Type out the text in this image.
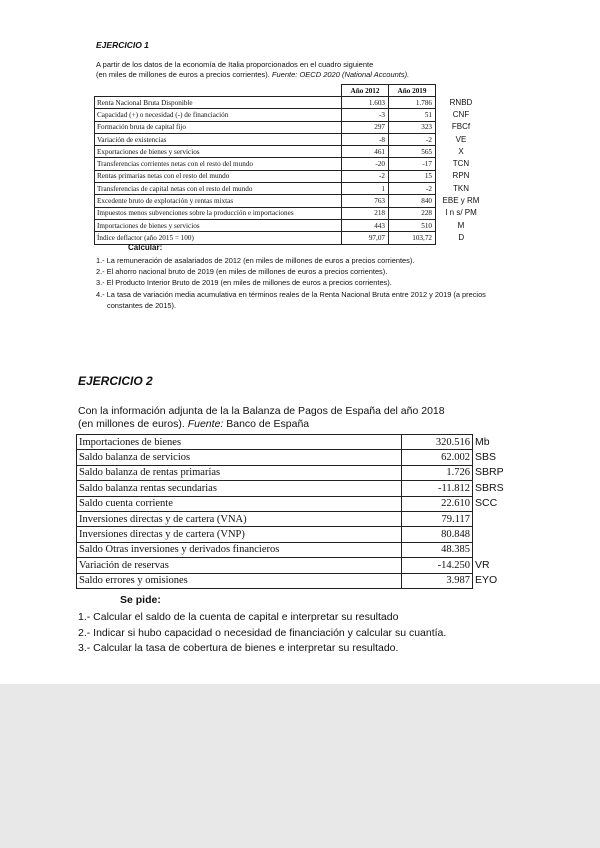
EJERCICIO 1
A partir de los datos de la economía de Italia proporcionados en el cuadro siguiente
(en miles de millones de euros a precios corrientes). Fuente: OECD 2020 (National Accounts).
	Año 2012	Año 2019	
Renta Nacional Bruta Disponible	1.603	1.786	RNBD
Capacidad (+) o necesidad (-) de financiación	-3	51	CNF
Formación bruta de capital fijo	297	323	FBCf
Variación de existencias	-8	-2	VE
Exportaciones de bienes y servicios	461	565	X
Transferencias corrientes netas con el resto del mundo	-20	-17	TCN
Rentas primarias netas con el resto del mundo	-2	15	RPN
Transferencias de capital netas con el resto del mundo	1	-2	TKN
Excedente bruto de explotación y rentas mixtas	763	840	EBE y RM
Impuestos menos subvenciones sobre la producción e importaciones	218	228	I n s/ PM
Importaciones de bienes y servicios	443	510	M
Índice deflactor (año 2015 = 100)	97,07	103,72	D
Calcular:
1.- La remuneración de asalariados de 2012 (en miles de millones de euros a precios corrientes).
2.- El ahorro nacional bruto de 2019 (en miles de millones de euros a precios corrientes).
3.- El Producto Interior Bruto de 2019 (en miles de millones de euros a precios corrientes).
4.- La tasa de variación media acumulativa en términos reales de la Renta Nacional Bruta entre 2012 y 2019 (a precios constantes de 2015).
EJERCICIO 2
Con la información adjunta de la la Balanza de Pagos de España del año 2018
(en millones de euros). Fuente: Banco de España
Importaciones de bienes	320.516	Mb
Saldo balanza de servicios	62.002	SBS
Saldo balanza de rentas primarias	1.726	SBRP
Saldo balanza rentas secundarias	-11.812	SBRS
Saldo cuenta corriente	22.610	SCC
Inversiones directas y de cartera (VNA)	79.117	
Inversiones directas y de cartera (VNP)	80.848	
Saldo Otras inversiones y derivados financieros	48.385	
Variación de reservas	-14.250	VR
Saldo errores y omisiones	3.987	EYO
Se pide:
1.- Calcular el saldo de la cuenta de capital e interpretar su resultado
2.- Indicar si hubo capacidad o necesidad de financiación y calcular su cuantía.
3.- Calcular la tasa de cobertura de bienes e interpretar su resultado.
